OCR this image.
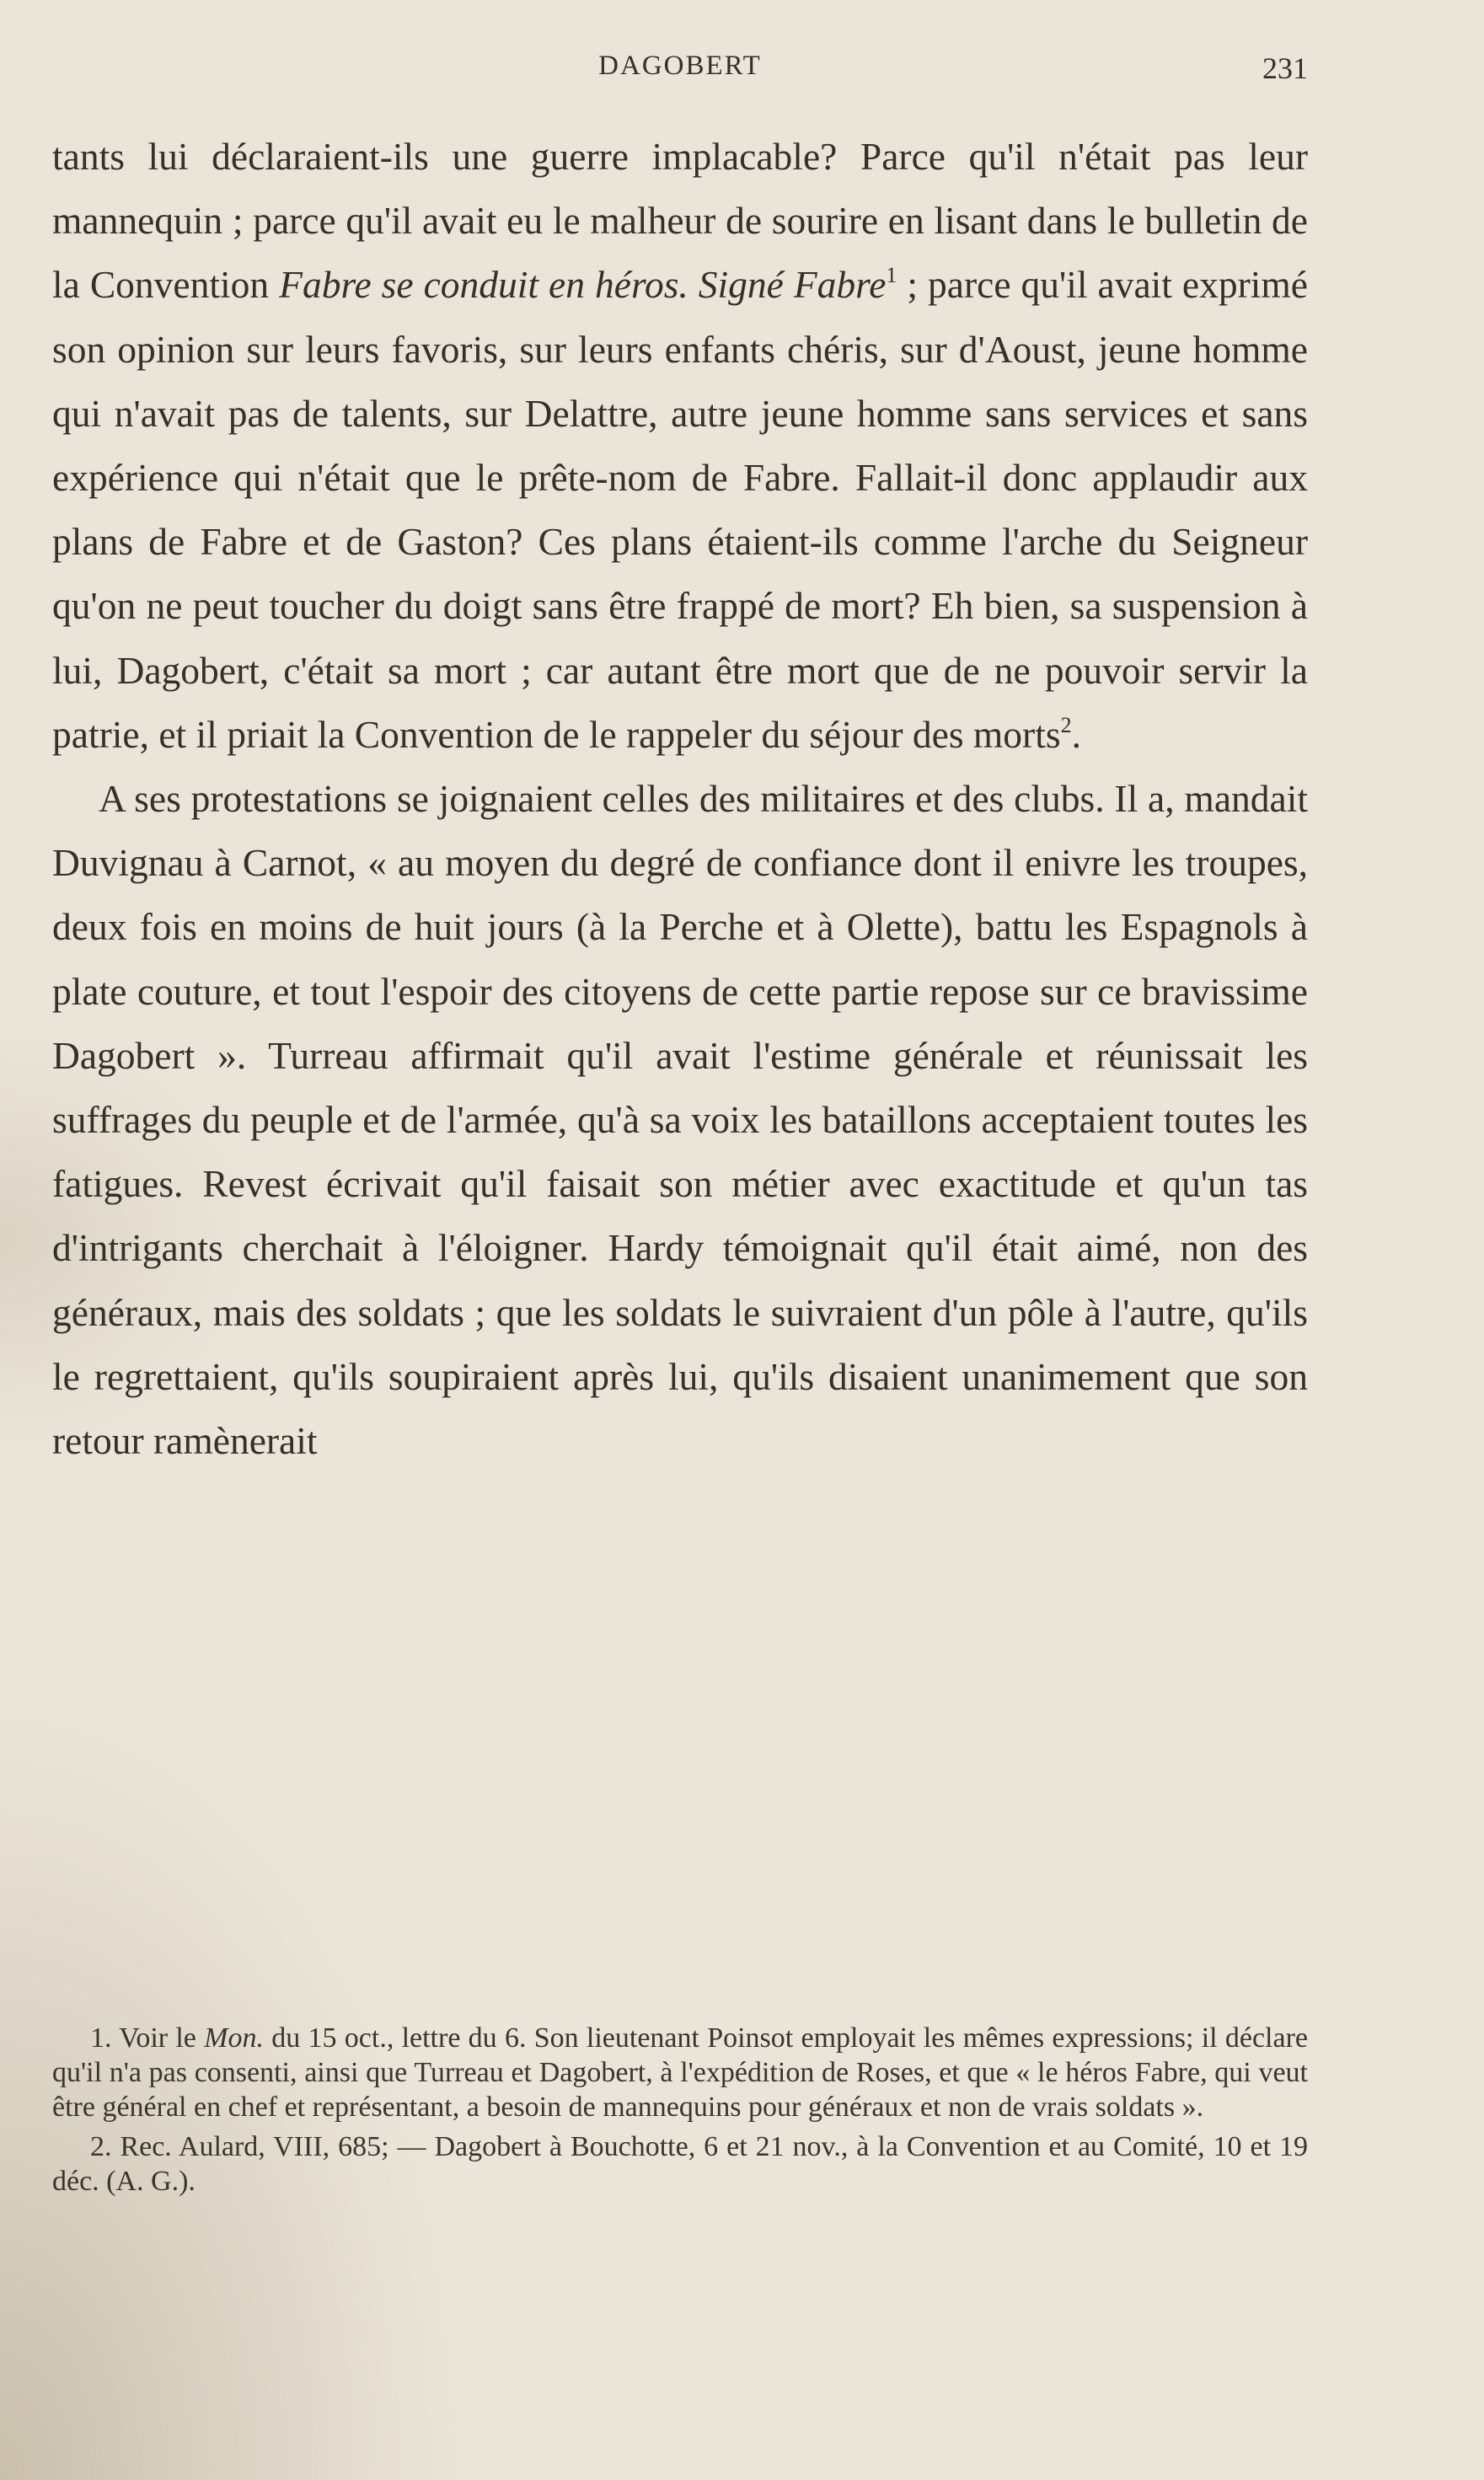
DAGOBERT	231

tants lui déclaraient-ils une guerre implacable? Parce qu'il n'était pas leur mannequin ; parce qu'il avait eu le malheur de sourire en lisant dans le bulletin de la Convention Fabre se conduit en héros. Signé Fabre$^1$ ; parce qu'il avait exprimé son opinion sur leurs favoris, sur leurs enfants chéris, sur d'Aoust, jeune homme qui n'avait pas de talents, sur Delattre, autre jeune homme sans services et sans expérience qui n'était que le prête-nom de Fabre. Fallait-il donc applaudir aux plans de Fabre et de Gaston? Ces plans étaient-ils comme l'arche du Seigneur qu'on ne peut toucher du doigt sans être frappé de mort? Eh bien, sa suspension à lui, Dagobert, c'était sa mort ; car autant être mort que de ne pouvoir servir la patrie, et il priait la Convention de le rappeler du séjour des morts$^2$.

A ses protestations se joignaient celles des militaires et des clubs. Il a, mandait Duvignau à Carnot, « au moyen du degré de confiance dont il enivre les troupes, deux fois en moins de huit jours (à la Perche et à Olette), battu les Espagnols à plate couture, et tout l'espoir des citoyens de cette partie repose sur ce bravissime Dagobert ». Turreau affirmait qu'il avait l'estime générale et réunissait les suffrages du peuple et de l'armée, qu'à sa voix les bataillons acceptaient toutes les fatigues. Revest écrivait qu'il faisait son métier avec exactitude et qu'un tas d'intrigants cherchait à l'éloigner. Hardy témoignait qu'il était aimé, non des généraux, mais des soldats ; que les soldats le suivraient d'un pôle à l'autre, qu'ils le regrettaient, qu'ils soupiraient après lui, qu'ils disaient unanimement que son retour ramènerait

1. Voir le Mon. du 15 oct., lettre du 6. Son lieutenant Poinsot employait les mêmes expressions; il déclare qu'il n'a pas consenti, ainsi que Turreau et Dagobert, à l'expédition de Roses, et que « le héros Fabre, qui veut être général en chef et représentant, a besoin de mannequins pour généraux et non de vrais soldats ».

2. Rec. Aulard, VIII, 685; — Dagobert à Bouchotte, 6 et 21 nov., à la Convention et au Comité, 10 et 19 déc. (A. G.).
